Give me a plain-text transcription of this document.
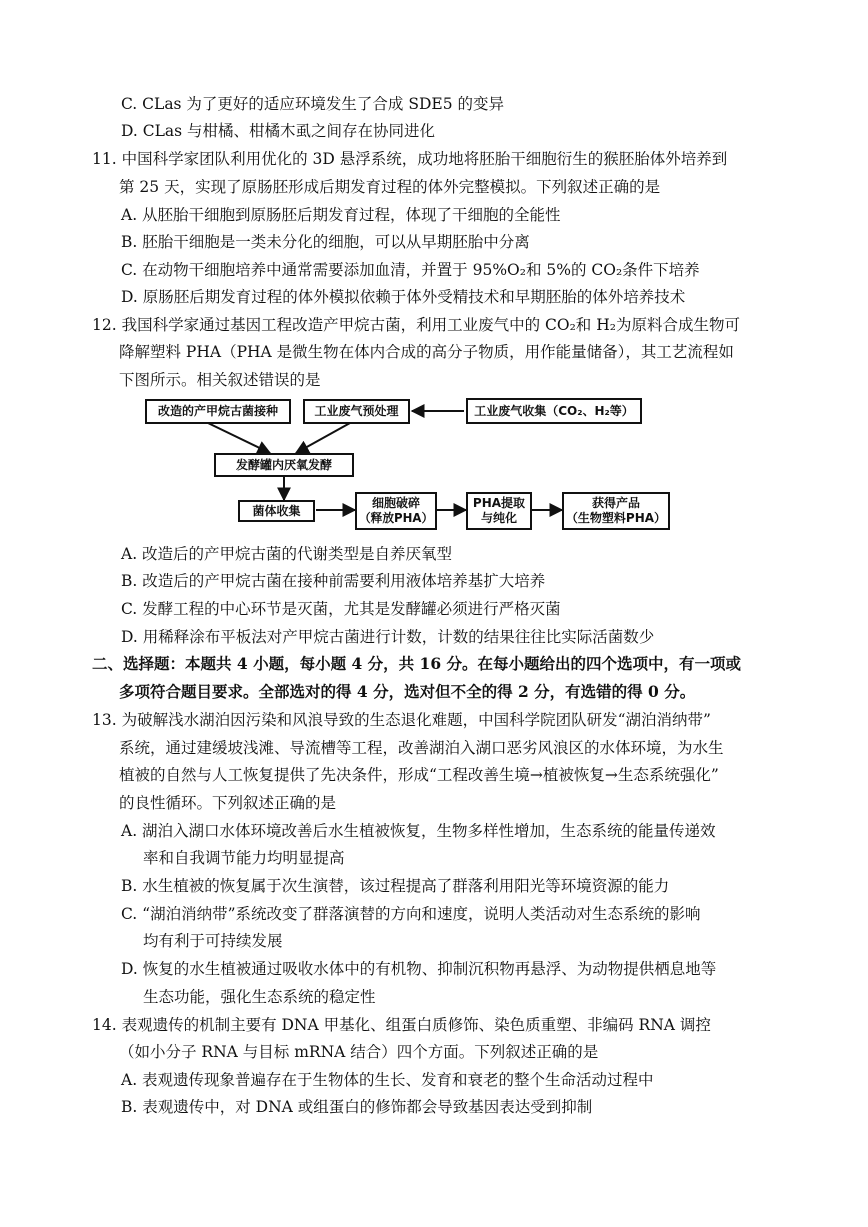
C. CLas 为了更好的适应环境发生了合成 SDE5 的变异
D. CLas 与柑橘、柑橘木虱之间存在协同进化
11. 中国科学家团队利用优化的 3D 悬浮系统，成功地将胚胎干细胞衍生的猴胚胎体外培养到
第 25 天，实现了原肠胚形成后期发育过程的体外完整模拟。下列叙述正确的是
A. 从胚胎干细胞到原肠胚后期发育过程，体现了干细胞的全能性
B. 胚胎干细胞是一类未分化的细胞，可以从早期胚胎中分离
C. 在动物干细胞培养中通常需要添加血清，并置于 95%O₂和 5%的 CO₂条件下培养
D. 原肠胚后期发育过程的体外模拟依赖于体外受精技术和早期胚胎的体外培养技术
12. 我国科学家通过基因工程改造产甲烷古菌，利用工业废气中的 CO₂和 H₂为原料合成生物可
降解塑料 PHA（PHA 是微生物在体内合成的高分子物质，用作能量储备），其工艺流程如
下图所示。相关叙述错误的是
改造的产甲烷古菌接种	工业废气预处理	工业废气收集（CO₂、H₂等）
发酵罐内厌氧发酵
菌体收集
细胞破碎
（释放PHA）
PHA提取
与纯化
获得产品
（生物塑料PHA）
A. 改造后的产甲烷古菌的代谢类型是自养厌氧型
B. 改造后的产甲烷古菌在接种前需要利用液体培养基扩大培养
C. 发酵工程的中心环节是灭菌，尤其是发酵罐必须进行严格灭菌
D. 用稀释涂布平板法对产甲烷古菌进行计数，计数的结果往往比实际活菌数少
二、选择题：本题共 4 小题，每小题 4 分，共 16 分。在每小题给出的四个选项中，有一项或
多项符合题目要求。全部选对的得 4 分，选对但不全的得 2 分，有选错的得 0 分。
13. 为破解浅水湖泊因污染和风浪导致的生态退化难题，中国科学院团队研发“湖泊消纳带”
系统，通过建缓坡浅滩、导流槽等工程，改善湖泊入湖口恶劣风浪区的水体环境，为水生
植被的自然与人工恢复提供了先决条件，形成“工程改善生境→植被恢复→生态系统强化”
的良性循环。下列叙述正确的是
A. 湖泊入湖口水体环境改善后水生植被恢复，生物多样性增加，生态系统的能量传递效
率和自我调节能力均明显提高
B. 水生植被的恢复属于次生演替，该过程提高了群落利用阳光等环境资源的能力
C. “湖泊消纳带”系统改变了群落演替的方向和速度，说明人类活动对生态系统的影响
均有利于可持续发展
D. 恢复的水生植被通过吸收水体中的有机物、抑制沉积物再悬浮、为动物提供栖息地等
生态功能，强化生态系统的稳定性
14. 表观遗传的机制主要有 DNA 甲基化、组蛋白质修饰、染色质重塑、非编码 RNA 调控
（如小分子 RNA 与目标 mRNA 结合）四个方面。下列叙述正确的是
A. 表观遗传现象普遍存在于生物体的生长、发育和衰老的整个生命活动过程中
B. 表观遗传中，对 DNA 或组蛋白的修饰都会导致基因表达受到抑制
